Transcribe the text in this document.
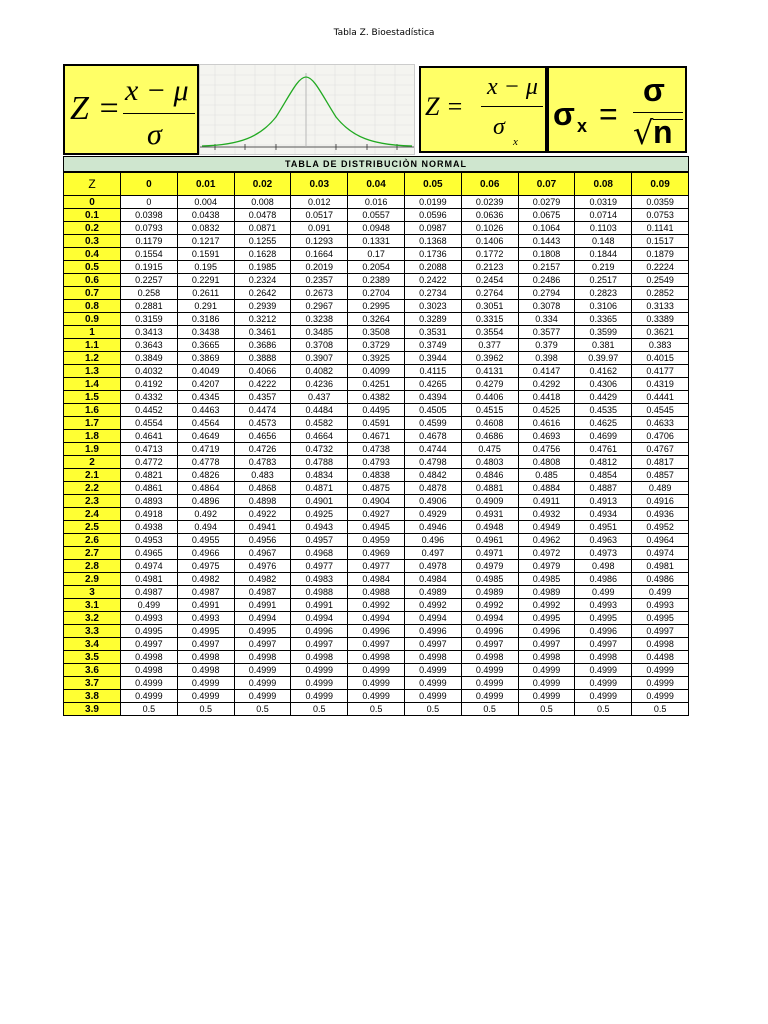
Tabla Z. Bioestadística
Z = x − μ
σ
Z =
x − μ
σ
x
σ x =
σ
√ n
TABLA DE DISTRIBUCIÒN NORMAL
Z	0	0.01	0.02	0.03	0.04	0.05	0.06	0.07	0.08	0.09
0	0	0.004	0.008	0.012	0.016	0.0199	0.0239	0.0279	0.0319	0.0359
0.1	0.0398	0.0438	0.0478	0.0517	0.0557	0.0596	0.0636	0.0675	0.0714	0.0753
0.2	0.0793	0.0832	0.0871	0.091	0.0948	0.0987	0.1026	0.1064	0.1103	0.1141
0.3	0.1179	0.1217	0.1255	0.1293	0.1331	0.1368	0.1406	0.1443	0.148	0.1517
0.4	0.1554	0.1591	0.1628	0.1664	0.17	0.1736	0.1772	0.1808	0.1844	0.1879
0.5	0.1915	0.195	0.1985	0.2019	0.2054	0.2088	0.2123	0.2157	0.219	0.2224
0.6	0.2257	0.2291	0.2324	0.2357	0.2389	0.2422	0.2454	0.2486	0.2517	0.2549
0.7	0.258	0.2611	0.2642	0.2673	0.2704	0.2734	0.2764	0.2794	0.2823	0.2852
0.8	0.2881	0.291	0.2939	0.2967	0.2995	0.3023	0.3051	0.3078	0.3106	0.3133
0.9	0.3159	0.3186	0.3212	0.3238	0.3264	0.3289	0.3315	0.334	0.3365	0.3389
1	0.3413	0.3438	0.3461	0.3485	0.3508	0.3531	0.3554	0.3577	0.3599	0.3621
1.1	0.3643	0.3665	0.3686	0.3708	0.3729	0.3749	0.377	0.379	0.381	0.383
1.2	0.3849	0.3869	0.3888	0.3907	0.3925	0.3944	0.3962	0.398	0.39.97	0.4015
1.3	0.4032	0.4049	0.4066	0.4082	0.4099	0.4115	0.4131	0.4147	0.4162	0.4177
1.4	0.4192	0.4207	0.4222	0.4236	0.4251	0.4265	0.4279	0.4292	0.4306	0.4319
1.5	0.4332	0.4345	0.4357	0.437	0.4382	0.4394	0.4406	0.4418	0.4429	0.4441
1.6	0.4452	0.4463	0.4474	0.4484	0.4495	0.4505	0.4515	0.4525	0.4535	0.4545
1.7	0.4554	0.4564	0.4573	0.4582	0.4591	0.4599	0.4608	0.4616	0.4625	0.4633
1.8	0.4641	0.4649	0.4656	0.4664	0.4671	0.4678	0.4686	0.4693	0.4699	0.4706
1.9	0.4713	0.4719	0.4726	0.4732	0.4738	0.4744	0.475	0.4756	0.4761	0.4767
2	0.4772	0.4778	0.4783	0.4788	0.4793	0.4798	0.4803	0.4808	0.4812	0.4817
2.1	0.4821	0.4826	0.483	0.4834	0.4838	0.4842	0.4846	0.485	0.4854	0.4857
2.2	0.4861	0.4864	0.4868	0.4871	0.4875	0.4878	0.4881	0.4884	0.4887	0.489
2.3	0.4893	0.4896	0.4898	0.4901	0.4904	0.4906	0.4909	0.4911	0.4913	0.4916
2.4	0.4918	0.492	0.4922	0.4925	0.4927	0.4929	0.4931	0.4932	0.4934	0.4936
2.5	0.4938	0.494	0.4941	0.4943	0.4945	0.4946	0.4948	0.4949	0.4951	0.4952
2.6	0.4953	0.4955	0.4956	0.4957	0.4959	0.496	0.4961	0.4962	0.4963	0.4964
2.7	0.4965	0.4966	0.4967	0.4968	0.4969	0.497	0.4971	0.4972	0.4973	0.4974
2.8	0.4974	0.4975	0.4976	0.4977	0.4977	0.4978	0.4979	0.4979	0.498	0.4981
2.9	0.4981	0.4982	0.4982	0.4983	0.4984	0.4984	0.4985	0.4985	0.4986	0.4986
3	0.4987	0.4987	0.4987	0.4988	0.4988	0.4989	0.4989	0.4989	0.499	0.499
3.1	0.499	0.4991	0.4991	0.4991	0.4992	0.4992	0.4992	0.4992	0.4993	0.4993
3.2	0.4993	0.4993	0.4994	0.4994	0.4994	0.4994	0.4994	0.4995	0.4995	0.4995
3.3	0.4995	0.4995	0.4995	0.4996	0.4996	0.4996	0.4996	0.4996	0.4996	0.4997
3.4	0.4997	0.4997	0.4997	0.4997	0.4997	0.4997	0.4997	0.4997	0.4997	0.4998
3.5	0.4998	0.4998	0.4998	0.4998	0.4998	0.4998	0.4998	0.4998	0.4998	0.4498
3.6	0.4998	0.4998	0.4999	0.4999	0.4999	0.4999	0.4999	0.4999	0.4999	0.4999
3.7	0.4999	0.4999	0.4999	0.4999	0.4999	0.4999	0.4999	0.4999	0.4999	0.4999
3.8	0.4999	0.4999	0.4999	0.4999	0.4999	0.4999	0.4999	0.4999	0.4999	0.4999
3.9	0.5	0.5	0.5	0.5	0.5	0.5	0.5	0.5	0.5	0.5
